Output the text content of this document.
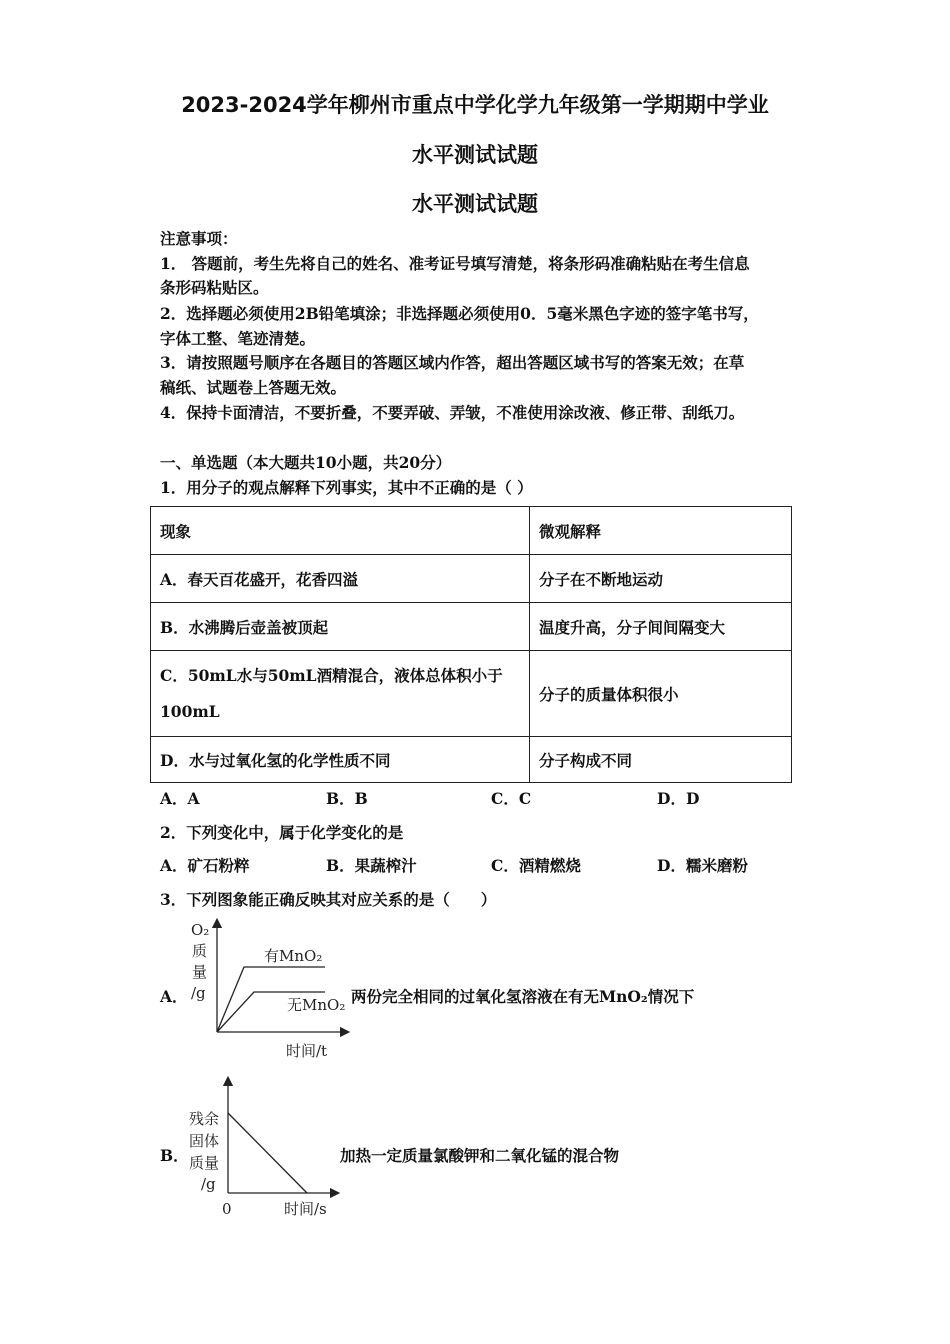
2023-2024学年柳州市重点中学化学九年级第一学期期中学业
水平测试试题
水平测试试题
注意事项：
1． 答题前，考生先将自己的姓名、准考证号填写清楚，将条形码准确粘贴在考生信息
条形码粘贴区。
2．选择题必须使用2B铅笔填涂；非选择题必须使用0．5毫米黑色字迹的签字笔书写，
字体工整、笔迹清楚。
3．请按照题号顺序在各题目的答题区域内作答，超出答题区域书写的答案无效；在草
稿纸、试题卷上答题无效。
4．保持卡面清洁，不要折叠，不要弄破、弄皱，不准使用涂改液、修正带、刮纸刀。
一、单选题（本大题共10小题，共20分）
1．用分子的观点解释下列事实，其中不正确的是（ ）
现象	微观解释
A．春天百花盛开，花香四溢	分子在不断地运动
B．水沸腾后壶盖被顶起	温度升高，分子间间隔变大

C．50mL水与50mL酒精混合，液体总体积小于
100mL	分子的质量体积很小
D．水与过氧化氢的化学性质不同	分子构成不同
A．A	B．B	C．C	D．D
2．下列变化中，属于化学变化的是
A．矿石粉粹	B．果蔬榨汁	C．酒精燃烧	D．糯米磨粉
3．下列图象能正确反映其对应关系的是（　　）
A．
O₂
质
量
/g
有MnO₂
无MnO₂
时间/t
两份完全相同的过氧化氢溶液在有无MnO₂情况下
B．
残余
固体
质量
/g
0	时间/s
加热一定质量氯酸钾和二氧化锰的混合物
